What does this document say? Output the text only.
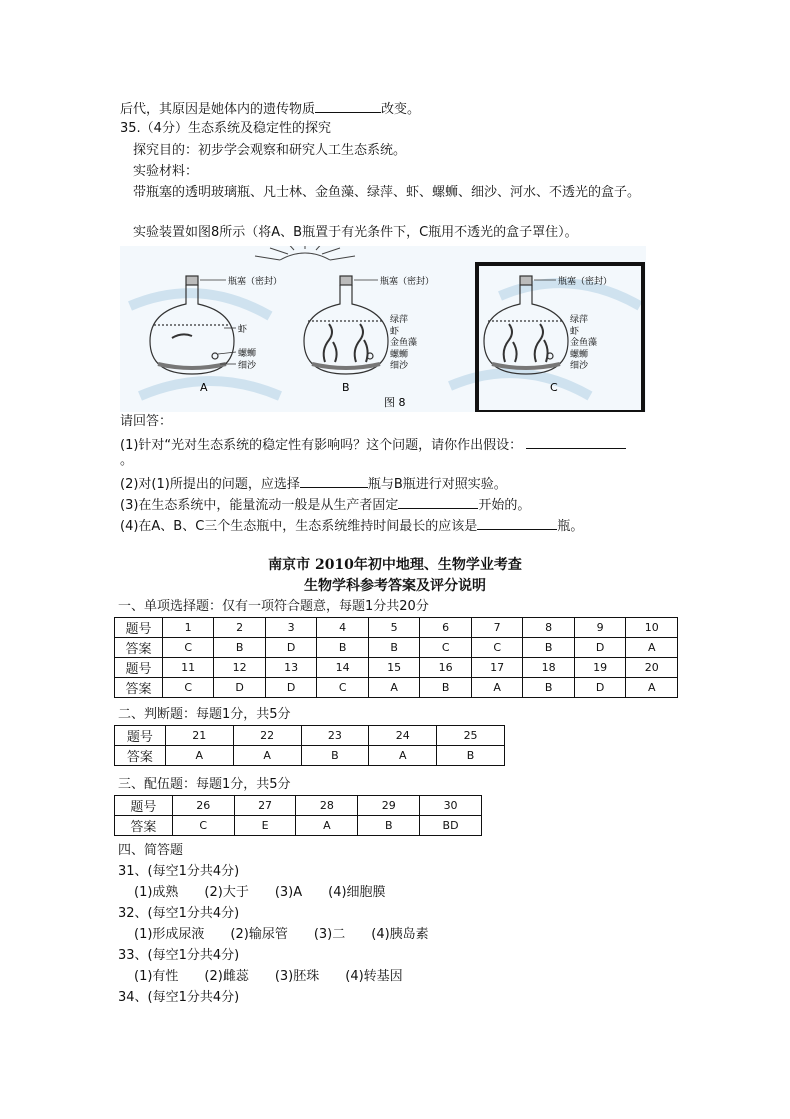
后代，其原因是她体内的遗传物质	改变。
35.（4分）生态系统及稳定性的探究
探究目的：初步学会观察和研究人工生态系统。
实验材料：
带瓶塞的透明玻璃瓶、凡士林、金鱼藻、绿萍、虾、螺蛳、细沙、河水、不透光的盒子。
实验装置如图8所示（将A、B瓶置于有光条件下，C瓶用不透光的盒子罩住）。
瓶塞（密封）
虾
螺蛳
细沙
A
瓶塞（密封）
绿萍
虾
金鱼藻
螺蛳
细沙
B
瓶塞（密封）
绿萍
虾
金鱼藻
螺蛳
细沙
C
图 8
请回答：
(1)针对“光对生态系统的稳定性有影响吗？这个问题，请你作出假设：
。
(2)对(1)所提出的问题，应选择	瓶与B瓶进行对照实验。
(3)在生态系统中，能量流动一般是从生产者固定	开始的。
(4)在A、B、C三个生态瓶中，生态系统维持时间最长的应该是	瓶。
南京市 2010年初中地理、生物学业考查
生物学科参考答案及评分说明
一、单项选择题：仅有一项符合题意，每题1分共20分
题号	1	2	3	4	5	6	7	8	9	10
答案	C	B	D	B	B	C	C	B	D	A
题号	11	12	13	14	15	16	17	18	19	20
答案	C	D	D	C	A	B	A	B	D	A
二、判断题：每题1分，共5分
题号	21	22	23	24	25
答案	A	A	B	A	B
三、配伍题：每题1分，共5分
题号	26	27	28	29	30
答案	C	E	A	B	BD
四、简答题
31、(每空1分共4分)
(1)成熟　　(2)大于　　(3)A　　(4)细胞膜
32、(每空1分共4分)
(1)形成尿液　　(2)输尿管　　(3)二　　(4)胰岛素
33、(每空1分共4分)
(1)有性　　(2)雌蕊　　(3)胚珠　　(4)转基因
34、(每空1分共4分)
